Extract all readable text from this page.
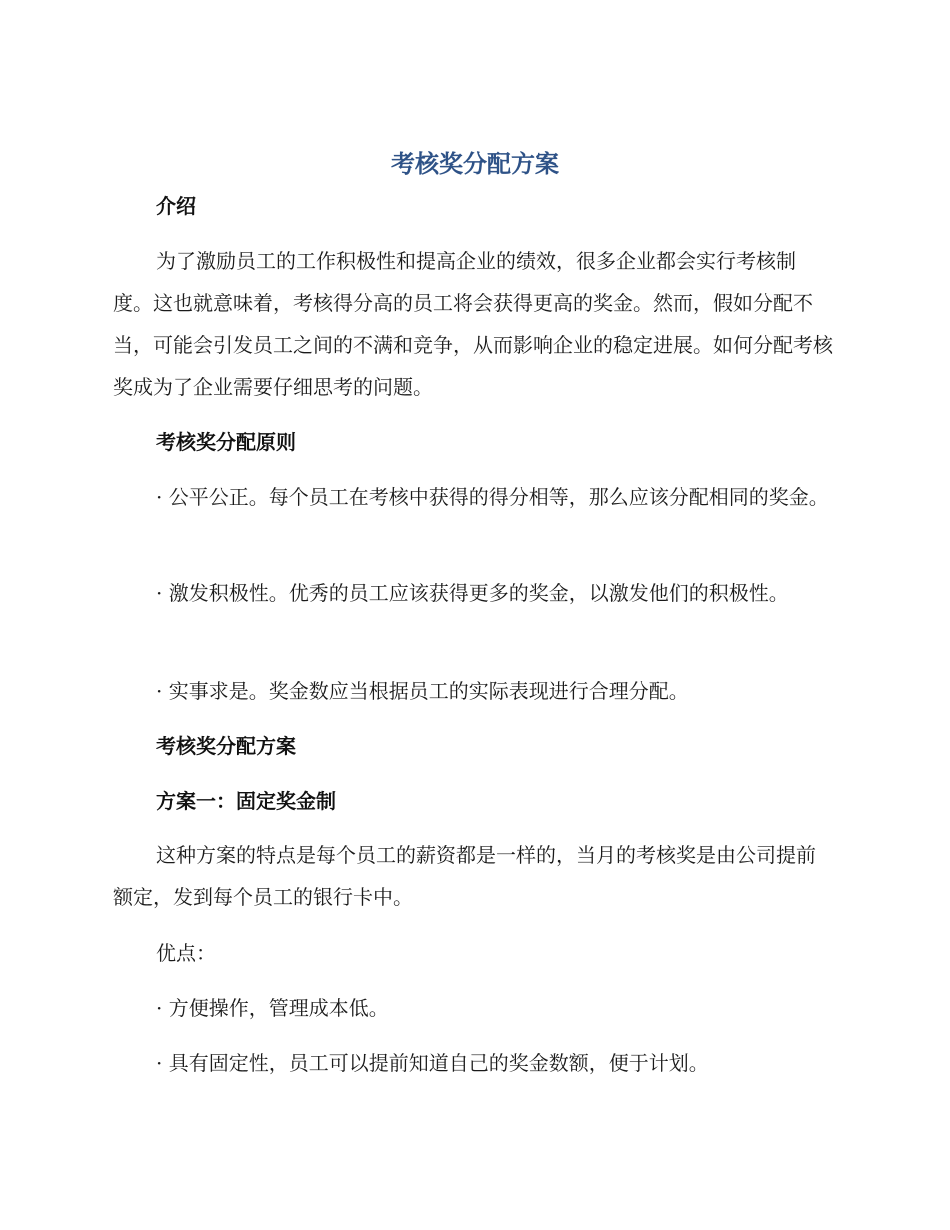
考核奖分配方案
介绍

为了激励员工的工作积极性和提高企业的绩效，很多企业都会实行考核制度。这也就意味着，考核得分高的员工将会获得更高的奖金。然而，假如分配不当，可能会引发员工之间的不满和竞争，从而影响企业的稳定进展。如何分配考核奖成为了企业需要仔细思考的问题。

考核奖分配原则

· 公平公正。每个员工在考核中获得的得分相等，那么应该分配相同的奖金。

· 激发积极性。优秀的员工应该获得更多的奖金，以激发他们的积极性。

· 实事求是。奖金数应当根据员工的实际表现进行合理分配。

考核奖分配方案
方案一：固定奖金制

这种方案的特点是每个员工的薪资都是一样的，当月的考核奖是由公司提前额定，发到每个员工的银行卡中。

优点：

· 方便操作，管理成本低。

· 具有固定性，员工可以提前知道自己的奖金数额，便于计划。
